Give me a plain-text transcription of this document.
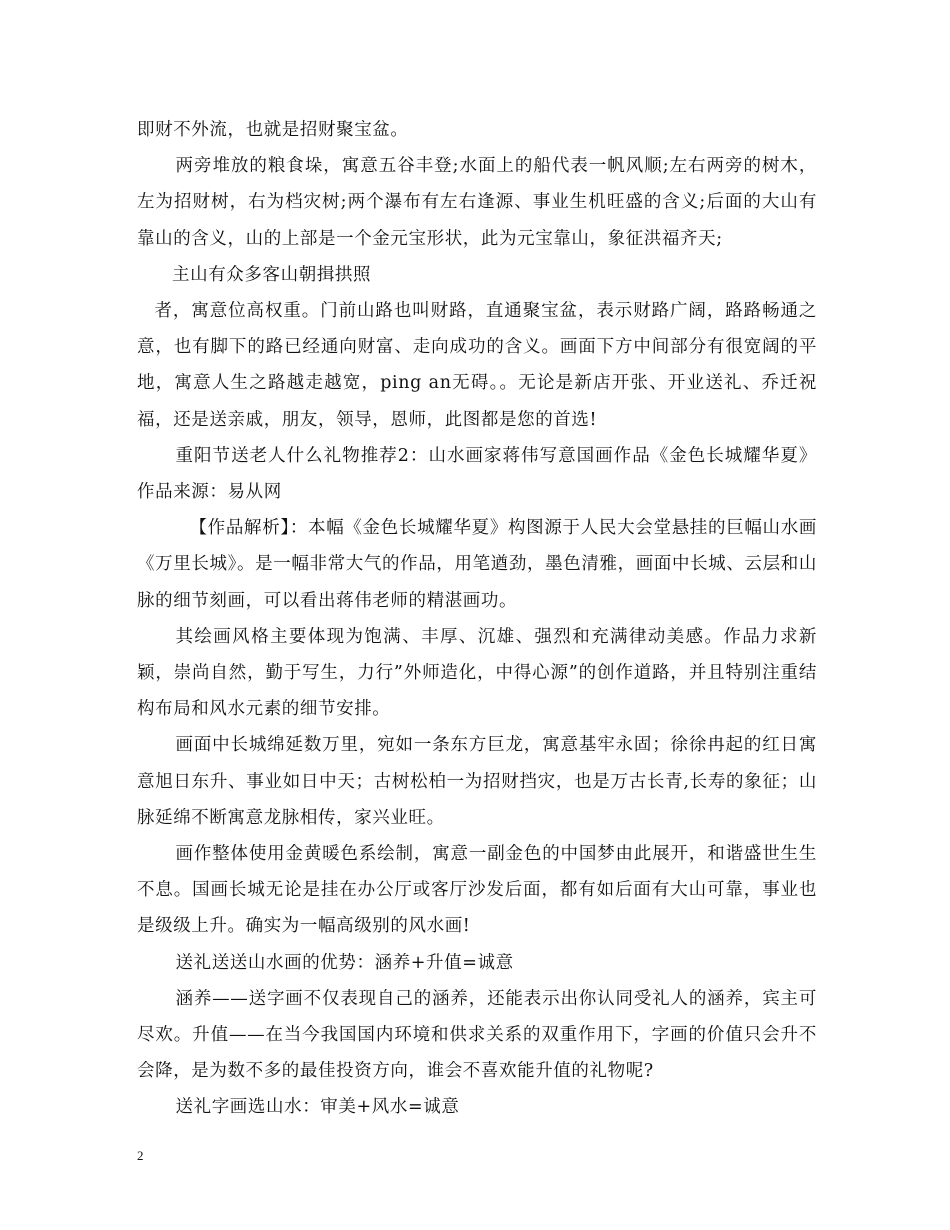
即财不外流，也就是招财聚宝盆。

两旁堆放的粮食垛，寓意五谷丰登;水面上的船代表一帆风顺;左右两旁的树木，左为招财树，右为档灾树;两个瀑布有左右逢源、事业生机旺盛的含义;后面的大山有靠山的含义，山的上部是一个金元宝形状，此为元宝靠山，象征洪福齐天;

主山有众多客山朝揖拱照

者，寓意位高权重。门前山路也叫财路，直通聚宝盆，表示财路广阔，路路畅通之意，也有脚下的路已经通向财富、走向成功的含义。画面下方中间部分有很宽阔的平地，寓意人生之路越走越宽，ping an无碍。。无论是新店开张、开业送礼、乔迁祝福，还是送亲戚，朋友，领导，恩师，此图都是您的首选!

重阳节送老人什么礼物推荐2：山水画家蒋伟写意国画作品《金色长城耀华夏》 作品来源：易从网

【作品解析】：本幅《金色长城耀华夏》构图源于人民大会堂悬挂的巨幅山水画《万里长城》。是一幅非常大气的作品，用笔遒劲，墨色清雅，画面中长城、云层和山脉的细节刻画，可以看出蒋伟老师的精湛画功。

其绘画风格主要体现为饱满、丰厚、沉雄、强烈和充满律动美感。作品力求新颖，崇尚自然，勤于写生，力行”外师造化，中得心源”的创作道路，并且特别注重结构布局和风水元素的细节安排。

画面中长城绵延数万里，宛如一条东方巨龙，寓意基牢永固；徐徐冉起的红日寓意旭日东升、事业如日中天；古树松柏一为招财挡灾，也是万古长青,长寿的象征；山脉延绵不断寓意龙脉相传，家兴业旺。

画作整体使用金黄暖色系绘制，寓意一副金色的中国梦由此展开，和谐盛世生生不息。国画长城无论是挂在办公厅或客厅沙发后面，都有如后面有大山可靠，事业也是级级上升。确实为一幅高级别的风水画!

送礼送送山水画的优势：涵养+升值=诚意

涵养——送字画不仅表现自己的涵养，还能表示出你认同受礼人的涵养，宾主可尽欢。升值——在当今我国国内环境和供求关系的双重作用下，字画的价值只会升不会降，是为数不多的最佳投资方向，谁会不喜欢能升值的礼物呢?

送礼字画选山水：审美+风水=诚意

2
